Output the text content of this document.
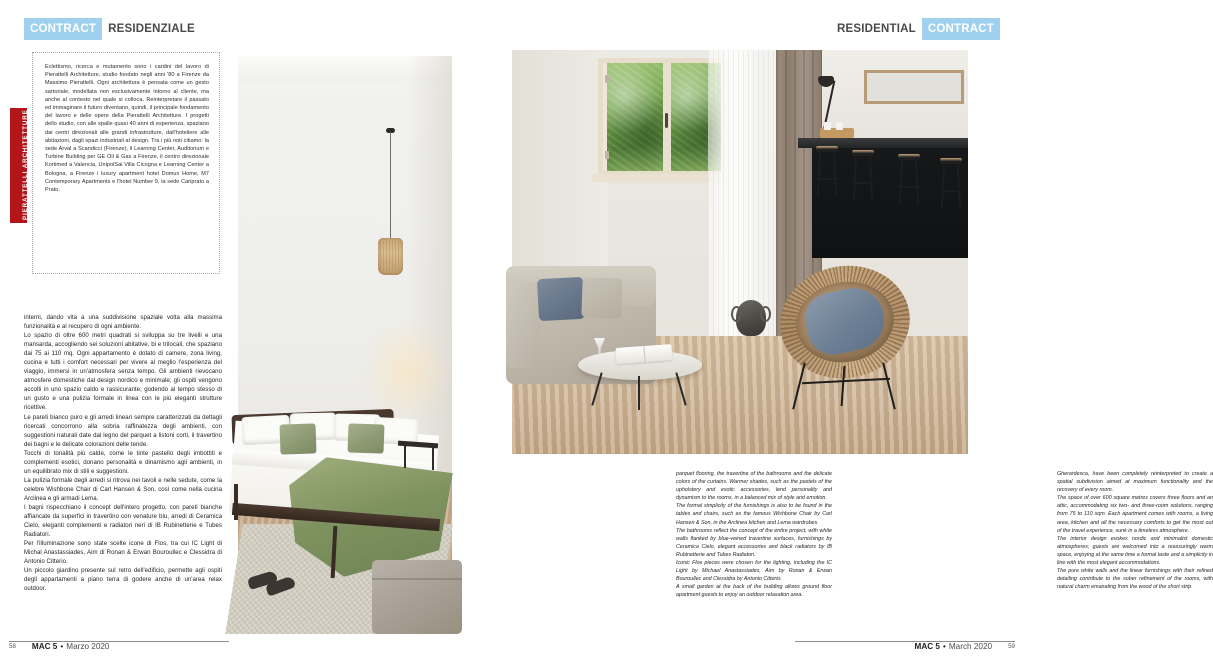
CONTRACT	RESIDENZIALE
PIERATTELLI ARCHITETTURE

Eclettismo, ricerca e mutamento sono i cardini del lavoro di Pierattelli Architetture, studio fondato negli anni '80 a Firenze da Massimo Pierattelli. Ogni architettura è pensata come un gesto sartoriale, modellata non esclusivamente intorno al cliente, ma anche al contesto nel quale si colloca. Reinterpretare il passato ed immaginare il futuro diventano, quindi, il principale fondamento del lavoro e delle opere della Pierattelli Architetture. I progetti dello studio, con alle spalle quasi 40 anni di esperienza, spaziano dai centri direzionali alle grandi infrastrutture, dall'hoteliere alle abitazioni, dagli spazi industriali al design. Tra i più noti citiamo: la sede Arval a Scandicci (Firenze), il Learning Center, Auditorium e Turbine Building per GE Oil & Gas a Firenze, il centro direzionale Kortimed a Valencia, UnipolSai Villa Cicogna e Learning Center a Bologna, a Firenze i luxury apartment hotel Domux Home, M7 Contemporary Apartments e l'hotel Number 9, la sede Cariprato a Prato.

interni, dando vita a una suddivisione spaziale volta alla massima funzionalità e al recupero di ogni ambiente.

Lo spazio di oltre 600 metri quadrati si sviluppa su tre livelli e una mansarda, accogliendo sei soluzioni abitative, bi e trilocali, che spaziano dai 75 ai 110 mq. Ogni appartamento è dotato di camere, zona living, cucina e tutti i comfort necessari per vivere al meglio l'esperienza del viaggio, immersi in un'atmosfera senza tempo. Gli ambienti rievocano atmosfere domestiche dal design nordico e minimale; gli ospiti vengono accolti in uno spazio caldo e rassicurante, godendo al tempo stesso di un gusto e una pulizia formale in linea con le più eleganti strutture ricettive.

Le pareti bianco puro e gli arredi lineari sempre caratterizzati da dettagli ricercati concorrono alla sobria raffinatezza degli ambienti, con suggestioni naturali date dal legno del parquet a listoni corti, il travertino dei bagni e le delicate colorazioni delle tende.

Tocchi di tonalità più calde, come le tinte pastello degli imbottiti e complementi esotici, donano personalità e dinamismo agli ambienti, in un equilibrato mix di stili e suggestioni.

La pulizia formale degli arredi si ritrova nei tavoli e nelle sedute, come la celebre Wishbone Chair di Carl Hansen & Son, così come nella cucina Arclinea e gli armadi Lema.

I bagni rispecchiano il concept dell'intero progetto, con pareti bianche affiancate da superfici in travertino con venature blu, arredi di Ceramica Cielo, eleganti complementi e radiatori neri di IB Rubinetterie e Tubes Radiatori.

Per l'illuminazione sono state scelte icone di Flos, tra cui IC Light di Michal Anastassiades, Aim di Ronan & Erwan Bouroullec e Clessidra di Antonio Citterio.

Un piccolo giardino presente sul retro dell'edificio, permette agli ospiti degli appartamenti a piano terra di godere anche di un'area relax outdoor.

58 MAC 5 • Marzo 2020
RESIDENTIAL	CONTRACT

Gherardesca, have been completely reinterpreted to create a spatial subdivision aimed at maximum functionality and the recovery of every room.

The space of over 600 square metres covers three floors and an attic, accommodating six two- and three-room solutions, ranging from 75 to 110 sqm. Each apartment comes with rooms, a living area, kitchen and all the necessary comforts to get the most out of the travel experience, sunk in a timeless atmosphere.

The interior design evokes nordic and minimalist domestic atmospheres; guests are welcomed into a reassuringly warm space, enjoying at the same time a formal taste and a simplicity in line with the most elegant accommodations.

The pure white walls and the linear furnishings with their refined detailing contribute to the sober refinement of the rooms, with natural charm emanating from the wood of the short strip

parquet flooring, the travertine of the bathrooms and the delicate colors of the curtains. Warmer shades, such as the pastels of the upholstery and exotic accessories, lend personality and dynamism to the rooms, in a balanced mix of style and emotion.

The formal simplicity of the furnishings is also to be found in the tables and chairs, such as the famous Wishbone Chair by Carl Hansen & Son, in the Arclinea kitchen and Lema wardrobes.

The bathrooms reflect the concept of the entire project, with white walls flanked by blue-veined travertine surfaces, furnishings by Ceramica Cielo, elegant accessories and black radiators by IB Rubinetterie and Tubes Radiatori.

Iconic Flos pieces were chosen for the lighting, including the IC Light by Michael Anastassiades, Aim by Ronan & Erwan Bouroullec and Clessidra by Antonio Citterio.

A small garden at the back of the building allows ground floor apartment guests to enjoy an outdoor relaxation area.

MAC 5 • March 2020	59
